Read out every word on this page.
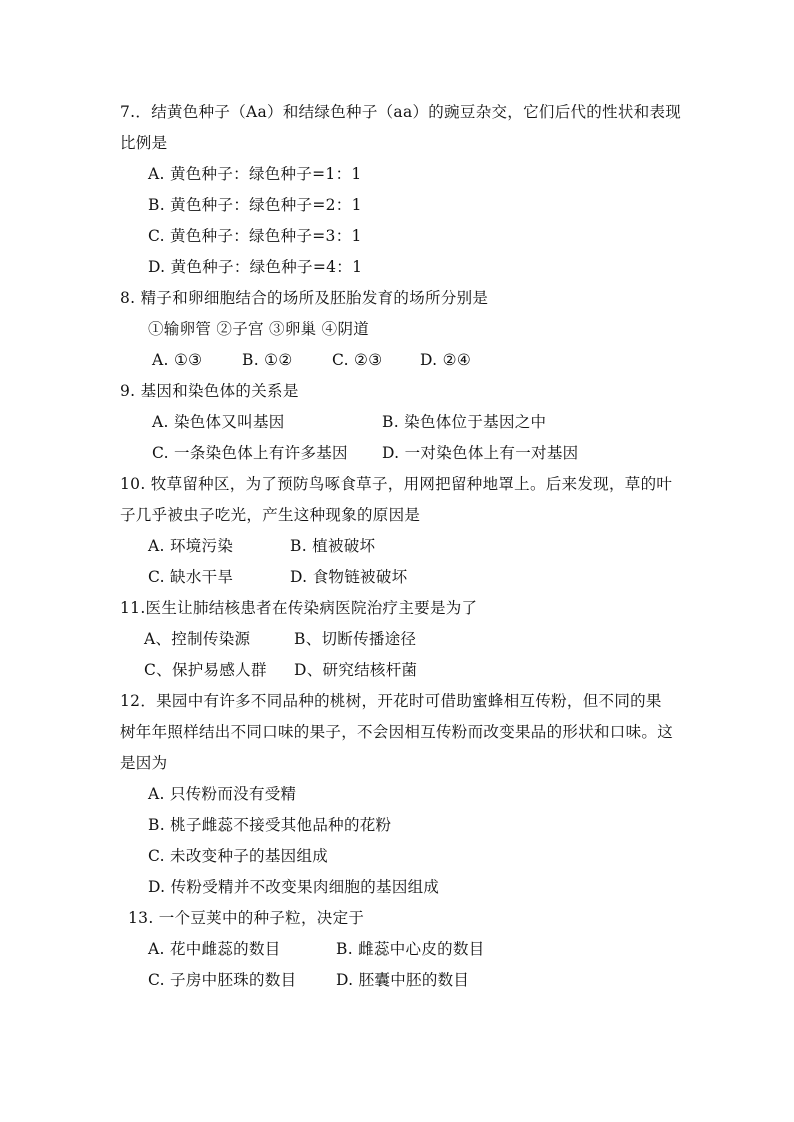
7.．结黄色种子（Aa）和结绿色种子（aa）的豌豆杂交，它们后代的性状和表现
比例是
A. 黄色种子：绿色种子=1：1
B. 黄色种子：绿色种子=2：1
C. 黄色种子：绿色种子=3：1
D. 黄色种子：绿色种子=4：1
8. 精子和卵细胞结合的场所及胚胎发育的场所分别是
①输卵管 ②子宫 ③卵巢 ④阴道
A. ①③	B. ①②	C. ②③ D. ②④
9. 基因和染色体的关系是
A. 染色体又叫基因	B. 染色体位于基因之中
C. 一条染色体上有许多基因 D. 一对染色体上有一对基因
10. 牧草留种区，为了预防鸟啄食草子，用网把留种地罩上。后来发现，草的叶
子几乎被虫子吃光，产生这种现象的原因是
A. 环境污染	B. 植被破坏
C. 缺水干旱	D. 食物链被破坏
11.医生让肺结核患者在传染病医院治疗主要是为了
A、控制传染源	B、切断传播途径
C、保护易感人群 D、研究结核杆菌
12．果园中有许多不同品种的桃树，开花时可借助蜜蜂相互传粉，但不同的果
树年年照样结出不同口味的果子，不会因相互传粉而改变果品的形状和口味。这
是因为
A. 只传粉而没有受精
B. 桃子雌蕊不接受其他品种的花粉
C. 未改变种子的基因组成
D. 传粉受精并不改变果肉细胞的基因组成
13. 一个豆荚中的种子粒，决定于
A. 花中雌蕊的数目	B. 雌蕊中心皮的数目
C. 子房中胚珠的数目	D. 胚囊中胚的数目
